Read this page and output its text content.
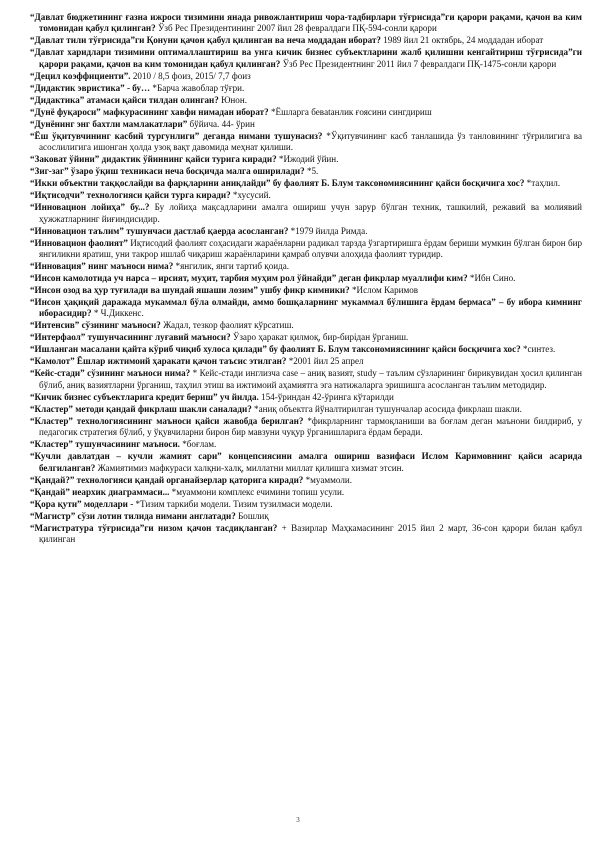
​

“Давлат бюджетининг ғазна ижроси тизимини янада ривожлантириш чора-тадбирлари тўғрисида”ги қарори рақами, қачон ва ким томонидан қабул қилинган? Ўзб Рес Президентининг 2007 йил 28 февралдаги ПҚ-594-сонли қарори

“Давлат тили тўғрисида”ги Қонуни қачон қабул қилинган ва неча моддадан иборат? 1989 йил 21 октябрь, 24 моддадан иборат

“Давлат харидлари тизимини оптималлаштириш ва унга кичик бизнес субъектларини жалб қилишни кенгайтириш тўғрисида”ги қарори рақами, қачон ва ким томонидан қабул қилинган? Ўзб Рес Президентнинг 2011 йил 7 февралдаги ПҚ-1475-сонли қарори

“Децил коэффициенти”. 2010 / 8,5 фоиз, 2015/ 7,7 фоиз

“Дидактик эвристика” - бу… *Барча жавоблар тўғри.

“Дидактика” атамаси қайси тилдан олинган? Юнон.

“Дунё фуқароси” мафкурасининг хавфи нимадан иборат? *Ёшларга бевatанлик ғоясини сингдириш

“Дунёнинг энг бахтли мамлакатлари” бўйича. 44- ўрин

“Ёш ўқитувчининг касбий тургунлиги” деганда нимани тушунасиз? *Ўқитувчининг касб танлашида ўз танловининг тўғрилигига ва асослилигига ишонган ҳолда узоқ вақт давомида меҳнат қилиши.

“Заковат ўйини” дидактик ўйиннинг қайси турига киради? *Ижодий ўйин.

“Зиг-заг” ўзаро ўқиш техникаси неча босқичда малга оширилади? *5.

“Икки объектни таққослайди ва фарқларини аниқлайди” бу фаолият Б. Блум таксономиясининг қайси босқичига хос? *таҳлил.

“Иқтисодчи” технологияси қайси турга киради? *хусусий.

“Инновацион лойиҳа” бу...? Бу лойиҳа мақсадларини амалга ошириш учун зарур бўлган техник, ташкилий, режавий ва молиявий ҳужжатларнинг йиғиндисидир.

“Инновацион таълим” тушунчаси дастлаб қаерда асосланган? *1979 йилда Римда.

“Инновацион фаолият” Иқтисодий фаолият соҳасидаги жараёнларни радикал тарзда ўзгартиришга ёрдам бериши мумкин бўлган бирон бир янгиликни яратиш, уни такрор ишлаб чиқариш жараёнларини қамраб олувчи алоҳида фаолият туридир.

“Инновация” нинг маъноси нима? *янгилик, янги тартиб қоида.

“Инсон камолотида уч нарса – ирсият, муҳит, тарбия муҳим рол ўйнайди” деган фикрлар муаллифи ким? *Ибн Сино.

“Инсон озод ва ҳур туғилади ва шундай яшаши лозим” ушбу фикр кимники? *Ислом Каримов

“Инсон ҳақиқий даражада мукаммал бўла олмайди, аммо бошқаларнинг мукаммал бўлишига ёрдам бермаса” – бу ибора кимнинг иборасидир? * Ч.Диккенс.

“Интенсив” сўзининг маъноси? Жадал, тезкор фаолият кўрсатиш.

“Интерфаол” тушунчасининг луғавий маъноси? Ўзаро ҳаракат қилмоқ, бир-бирідан ўрганиш.

“Ишланган масалани қайта кўриб чиқиб хулоса қилади” бу фаолият Б. Блум таксономиясининг қайси босқичига хос? *синтез.

“Камолот” Ёшлар ижтимоий ҳаракати қачон таъсис этилган? *2001 йил 25 апрел

“Кейс-стади” сўзининг маъноси нима? * Кейс-стади инглизча case – аниқ вазият, study – таълим сўзларининг бирикувидан ҳосил қилинган бўлиб, аниқ вазиятларни ўрганиш, таҳлил этиш ва ижтимоий аҳамиятга эга натижаларга эришишга асосланган таълим методидир.

“Кичик бизнес субъектларига кредит бериш” уч йилда. 154-ўриндан 42-ўринга кўтарилди

“Кластер” методи қандай фикрлаш шакли саналади? *аниқ объектга йўналтирилган тушунчалар асосида фикрлаш шакли.

“Кластер” технологиясининг маъноси қайси жавобда берилган? *фикрларнинг тармоқланиши ва боғлам деган маънони билдириб, у педагогик стратегия бўлиб, у ўқувчиларни бирон бир мавзуни чуқур ўрганишларига ёрдам беради.

“Кластер” тушунчасининг маъноси. *боғлам.

“Кучли давлатдан – кучли жамият сари” концепсиясини амалга ошириш вазифаси Ислом Каримовнинг қайси асарида белгиланган? Жамиятимиз мафкураси халқни-халқ, миллатни миллат қилишга хизмат этсин.

“Қандай?” технологияси қандай органайзерлар қаторига киради? *муаммоли.

“Қандай” иеархик диаграммаси... *муаммони комплекс ечимини топиш усули.

“Қора қути” моделлари - *Тизим таркиби модели. Тизим тузилмаси модели.

“Магистр” сўзи лотин тилида нимани англатади? Бошлиқ

“Магистратура тўғрисида”ги низом қачон тасдиқланган? + Вазирлар Маҳкамасининг 2015 йил 2 март, 36-сон қарори билан қабул қилинган

3
